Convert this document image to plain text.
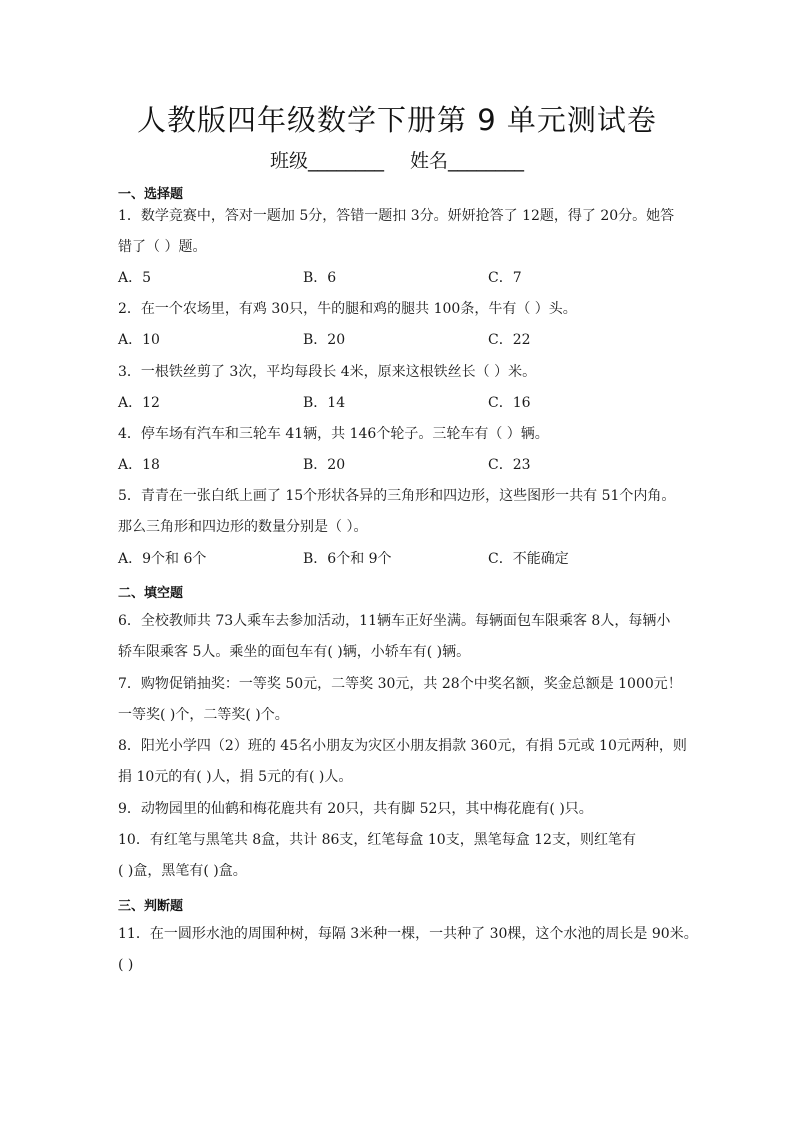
人教版四年级数学下册第 9 单元测试卷
班级________ 姓名________
一、选择题
1．数学竞赛中，答对一题加 5分，答错一题扣 3分。妍妍抢答了 12题，得了 20分。她答
错了（ ）题。
A．5	B．6	C．7
2．在一个农场里，有鸡 30只，牛的腿和鸡的腿共 100条，牛有（ ）头。
A．10	B．20	C．22
3．一根铁丝剪了 3次，平均每段长 4米，原来这根铁丝长（ ）米。
A．12	B．14	C．16
4．停车场有汽车和三轮车 41辆，共 146个轮子。三轮车有（ ）辆。
A．18	B．20	C．23
5．青青在一张白纸上画了 15个形状各异的三角形和四边形，这些图形一共有 51个内角。
那么三角形和四边形的数量分别是（ ）。
A．9个和 6个	B．6个和 9个	C．不能确定
二、填空题
6．全校教师共 73人乘车去参加活动，11辆车正好坐满。每辆面包车限乘客 8人，每辆小
轿车限乘客 5人。乘坐的面包车有( )辆，小轿车有( )辆。
7．购物促销抽奖：一等奖 50元，二等奖 30元，共 28个中奖名额，奖金总额是 1000元！
一等奖( )个，二等奖( )个。
8．阳光小学四（2）班的 45名小朋友为灾区小朋友捐款 360元，有捐 5元或 10元两种，则
捐 10元的有( )人，捐 5元的有( )人。
9．动物园里的仙鹤和梅花鹿共有 20只，共有脚 52只，其中梅花鹿有( )只。
10．有红笔与黑笔共 8盒，共计 86支，红笔每盒 10支，黑笔每盒 12支，则红笔有
( )盒，黑笔有( )盒。
三、判断题
11．在一圆形水池的周围种树，每隔 3米种一棵，一共种了 30棵，这个水池的周长是 90米。
( )
